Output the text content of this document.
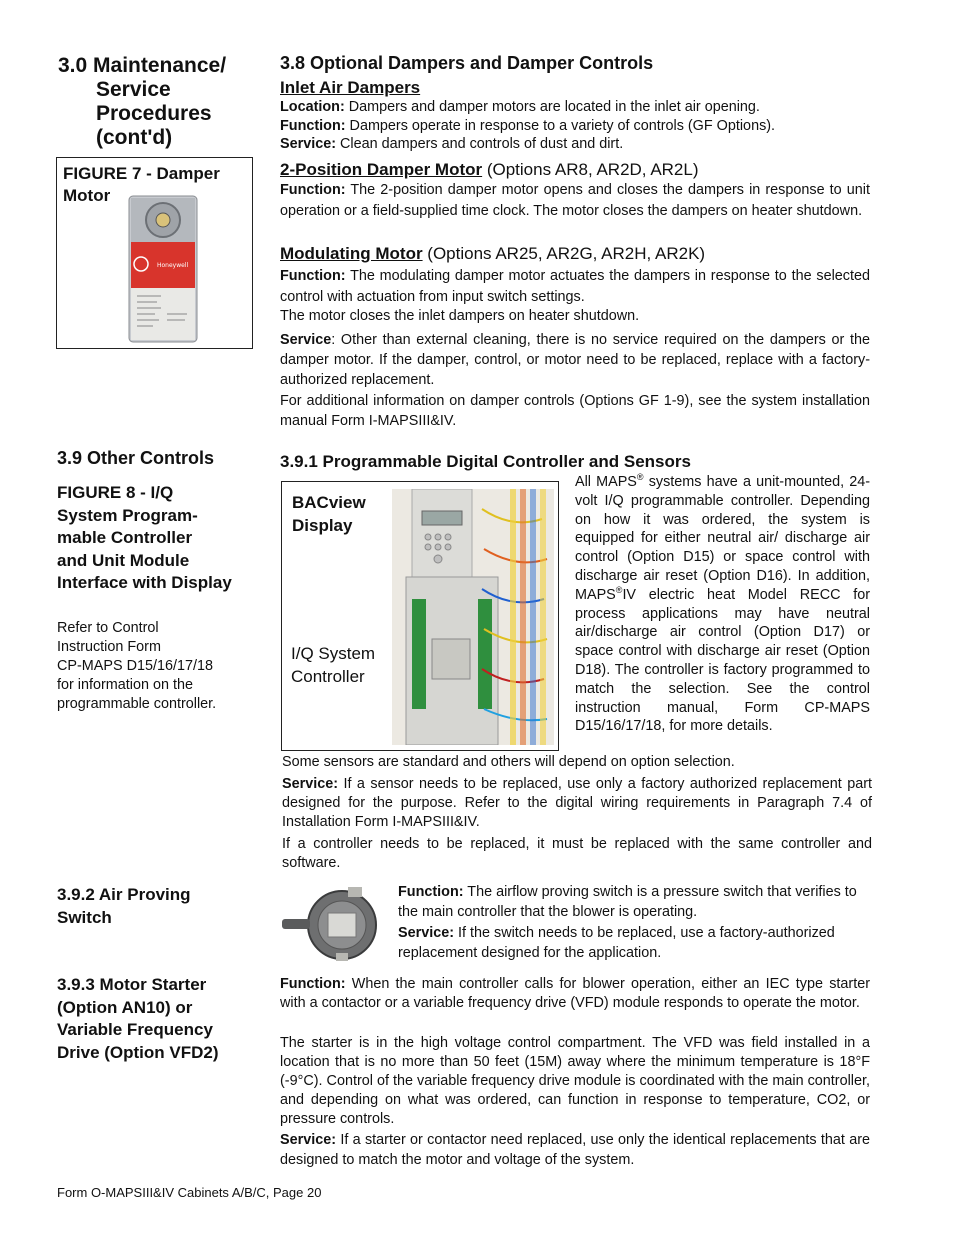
3.0 Maintenance/
Service
Procedures
(cont'd)
FIGURE 7 - Damper Motor
Honeywell
3.9 Other Controls
FIGURE 8 - I/Q
System Program-
mable Controller
and Unit Module
Interface with Display
Refer to Control
Instruction Form
CP-MAPS D15/16/17/18
for information on the
programmable controller.
3.9.2 Air Proving
Switch
3.9.3 Motor Starter
(Option AN10) or
Variable Frequency
Drive (Option VFD2)
3.8 Optional Dampers and Damper Controls
Inlet Air Dampers
Location: Dampers and damper motors are located in the inlet air opening.
Function: Dampers operate in response to a variety of controls (GF Options).
Service: Clean dampers and controls of dust and dirt.
2-Position Damper Motor (Options AR8, AR2D, AR2L)
Function: The 2-position damper motor opens and closes the dampers in response to unit operation or a field-supplied time clock. The motor closes the dampers on heater shutdown.
Modulating Motor (Options AR25, AR2G, AR2H, AR2K)
Function: The modulating damper motor actuates the dampers in response to the selected control with actuation from input switch settings.
The motor closes the inlet dampers on heater shutdown.
Service: Other than external cleaning, there is no service required on the dampers or the damper motor. If the damper, control, or motor need to be replaced, replace with a factory-authorized replacement.
For additional information on damper controls (Options GF 1-9), see the system installation manual Form I-MAPSIII&IV.
3.9.1 Programmable Digital Controller and Sensors
BACview
Display
I/Q System
Controller
All MAPS® systems have a unit-mounted, 24-volt I/Q programmable controller. Depending on how it was ordered, the system is equipped for either neutral air/ discharge air control (Option D15) or space control with discharge air reset (Option D16). In addition, MAPS®IV electric heat Model RECC for process applications may have neutral air/discharge air control (Option D17) or space control with discharge air reset (Option D18). The controller is factory programmed to match the selection. See the control instruction manual, Form CP-MAPS D15/16/17/18, for more details.
Some sensors are standard and others will depend on option selection.
Service: If a sensor needs to be replaced, use only a factory authorized replacement part designed for the purpose. Refer to the digital wiring requirements in Paragraph 7.4 of Installation Form I-MAPSIII&IV.
If a controller needs to be replaced, it must be replaced with the same controller and software.
Function: The airflow proving switch is a pressure switch that verifies to the main controller that the blower is operating.
Service: If the switch needs to be replaced, use a factory-authorized replacement designed for the application.
Function: When the main controller calls for blower operation, either an IEC type starter with a contactor or a variable frequency drive (VFD) module responds to operate the motor.
The starter is in the high voltage control compartment. The VFD was field installed in a location that is no more than 50 feet (15M) away where the minimum temperature is 18°F (-9°C). Control of the variable frequency drive module is coordinated with the main controller, and depending on what was ordered, can function in response to temperature, CO2, or pressure controls.
Service: If a starter or contactor need replaced, use only the identical replacements that are designed to match the motor and voltage of the system.
Form O-MAPSIII&IV Cabinets A/B/C, Page 20
